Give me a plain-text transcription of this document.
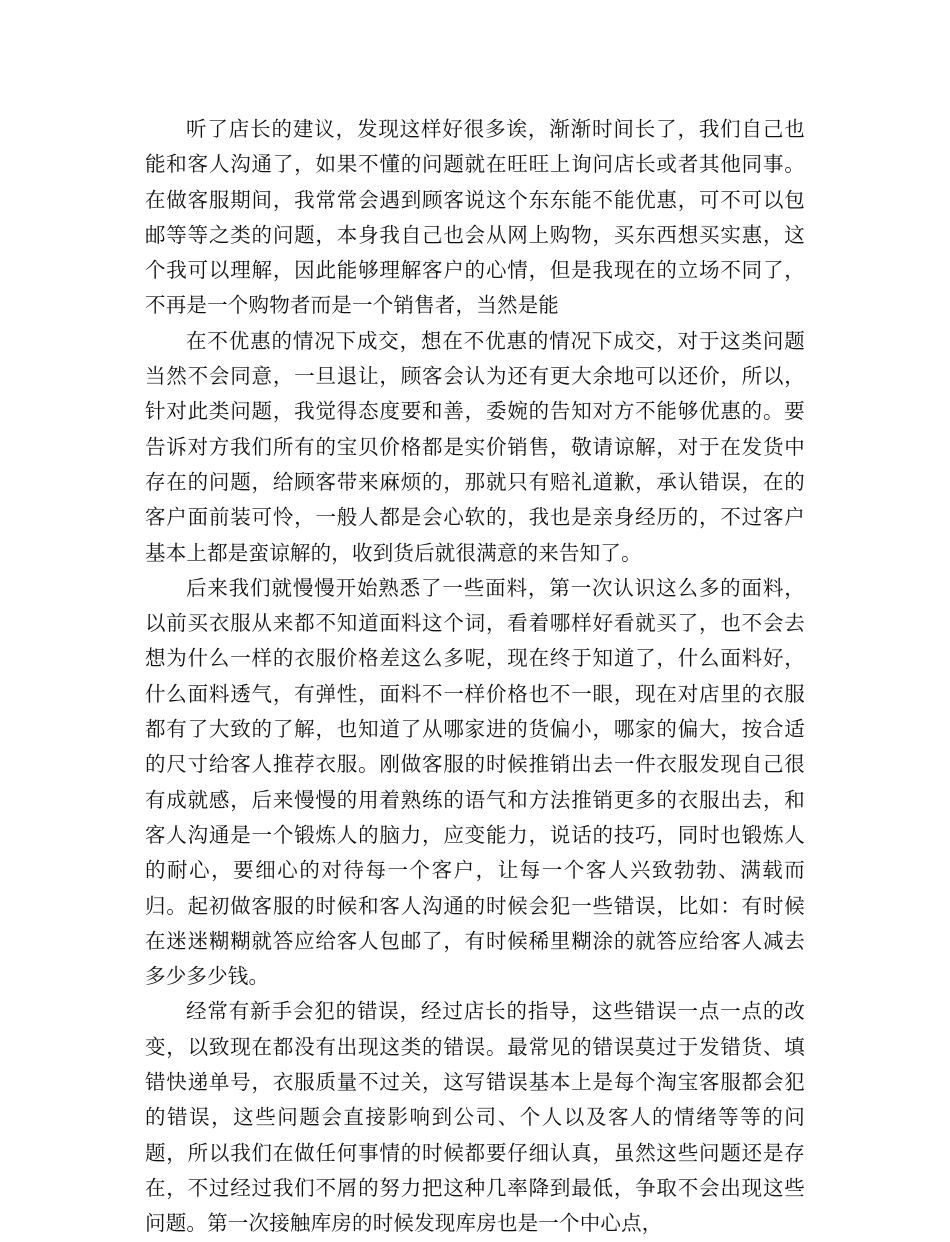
听了店长的建议，发现这样好很多诶，渐渐时间长了，我们自己也能和客人沟通了，如果不懂的问题就在旺旺上询问店长或者其他同事。在做客服期间，我常常会遇到顾客说这个东东能不能优惠，可不可以包邮等等之类的问题，本身我自己也会从网上购物，买东西想买实惠，这个我可以理解，因此能够理解客户的心情，但是我现在的立场不同了，不再是一个购物者而是一个销售者，当然是能

在不优惠的情况下成交，想在不优惠的情况下成交，对于这类问题当然不会同意，一旦退让，顾客会认为还有更大余地可以还价，所以，针对此类问题，我觉得态度要和善，委婉的告知对方不能够优惠的。要告诉对方我们所有的宝贝价格都是实价销售，敬请谅解，对于在发货中存在的问题，给顾客带来麻烦的，那就只有赔礼道歉，承认错误，在的客户面前装可怜，一般人都是会心软的，我也是亲身经历的，不过客户基本上都是蛮谅解的，收到货后就很满意的来告知了。

后来我们就慢慢开始熟悉了一些面料，第一次认识这么多的面料，以前买衣服从来都不知道面料这个词，看着哪样好看就买了，也不会去想为什么一样的衣服价格差这么多呢，现在终于知道了，什么面料好，什么面料透气，有弹性，面料不一样价格也不一眼，现在对店里的衣服都有了大致的了解，也知道了从哪家进的货偏小，哪家的偏大，按合适的尺寸给客人推荐衣服。刚做客服的时候推销出去一件衣服发现自己很有成就感，后来慢慢的用着熟练的语气和方法推销更多的衣服出去，和客人沟通是一个锻炼人的脑力，应变能力，说话的技巧，同时也锻炼人的耐心，要细心的对待每一个客户，让每一个客人兴致勃勃、满载而归。起初做客服的时候和客人沟通的时候会犯一些错误，比如：有时候在迷迷糊糊就答应给客人包邮了，有时候稀里糊涂的就答应给客人减去多少多少钱。

经常有新手会犯的错误，经过店长的指导，这些错误一点一点的改变，以致现在都没有出现这类的错误。最常见的错误莫过于发错货、填错快递单号，衣服质量不过关，这写错误基本上是每个淘宝客服都会犯的错误，这些问题会直接影响到公司、个人以及客人的情绪等等的问题，所以我们在做任何事情的时候都要仔细认真，虽然这些问题还是存在，不过经过我们不屑的努力把这种几率降到最低，争取不会出现这些问题。第一次接触库房的时候发现库房也是一个中心点，
